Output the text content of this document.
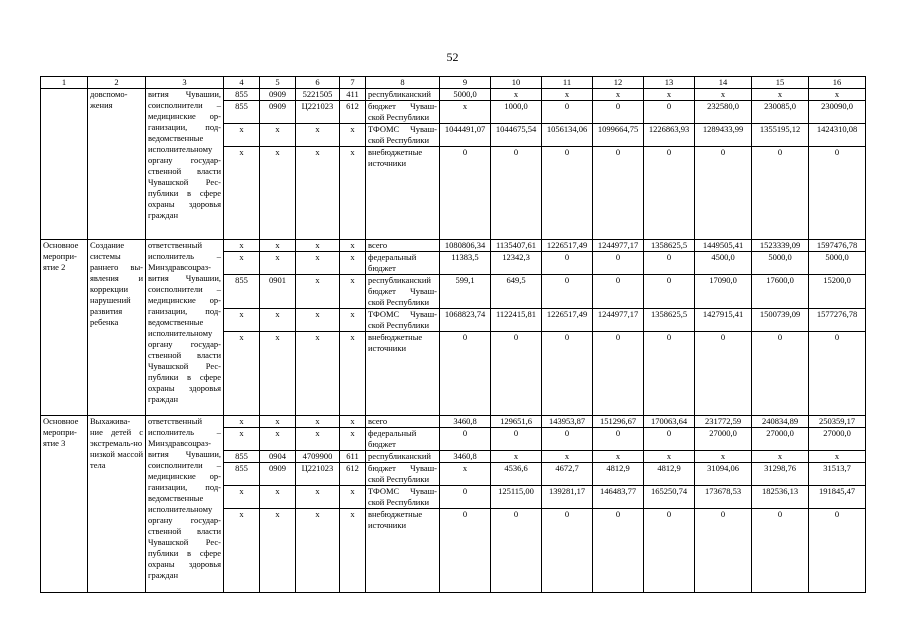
52
1	2	3	4	5	6	7	8	9	10	11	12	13	14	15	16	
	довспомо- жения	вития Чувашии, соисполнители – медицинские ор-ганизации, под-ведомственные исполнительному органу государ-ственной власти Чувашской Рес-публики в сфере охраны здоровья граждан	855	0909	5221505	411	республиканский	5000,0	x	x	x	x	x	x	x	
			855	0909	Ц221023	612	бюджет Чуваш-ской Республики	x	1000,0	0	0	0	232580,0	230085,0	230090,0	
			x	x	x	x	ТФОМС Чуваш-ской Республики	1044491,07	1044675,54	1056134,06	1099664,75	1226863,93	1289433,99	1355195,12	1424310,08	
			x	x	x	x	внебюджетные источники	0	0	0	0	0	0	0	0	
Основное меропри-ятие 2	Создание системы раннего вы-явления и коррекции нарушений развития ребенка	ответственный исполнитель – Минздравсоцраз-вития Чувашии, соисполнители – медицинские ор-ганизации, под-ведомственные исполнительному органу государ-ственной власти Чувашской Рес-публики в сфере охраны здоровья граждан	x	x	x	x	всего	1080806,34	1135407,61	1226517,49	1244977,17	1358625,5	1449505,41	1523339,09	1597476,78	
			x	x	x	x	федеральный бюджет	11383,5	12342,3	0	0	0	4500,0	5000,0	5000,0	
			855	0901	x	x	республиканский бюджет Чуваш-ской Республики	599,1	649,5	0	0	0	17090,0	17600,0	15200,0	
			x	x	x	x	ТФОМС Чуваш-ской Республики	1068823,74	1122415,81	1226517,49	1244977,17	1358625,5	1427915,41	1500739,09	1577276,78	
			x	x	x	x	внебюджетные источники	0	0	0	0	0	0	0	0	
Основное меропри-ятие 3	Выхажива-ние детей с экстремаль-но низкой массой тела	ответственный исполнитель – Минздравсоцраз-вития Чувашии, соисполнители – медицинские ор-ганизации, под-ведомственные исполнительному органу государ-ственной власти Чувашской Рес-публики в сфере охраны здоровья граждан	x	x	x	x	всего	3460,8	129651,6	143953,87	151296,67	170063,64	231772,59	240834,89	250359,17	
			x	x	x	x	федеральный бюджет	0	0	0	0	0	27000,0	27000,0	27000,0	
			855	0904	4709900	611	республиканский	3460,8	x	x	x	x	x	x	x	
			855	0909	Ц221023	612	бюджет Чуваш-ской Республики	x	4536,6	4672,7	4812,9	4812,9	31094,06	31298,76	31513,7	
			x	x	x	x	ТФОМС Чуваш-ской Республики	0	125115,00	139281,17	146483,77	165250,74	173678,53	182536,13	191845,47	
			x	x	x	x	внебюджетные источники	0	0	0	0	0	0	0	0	
